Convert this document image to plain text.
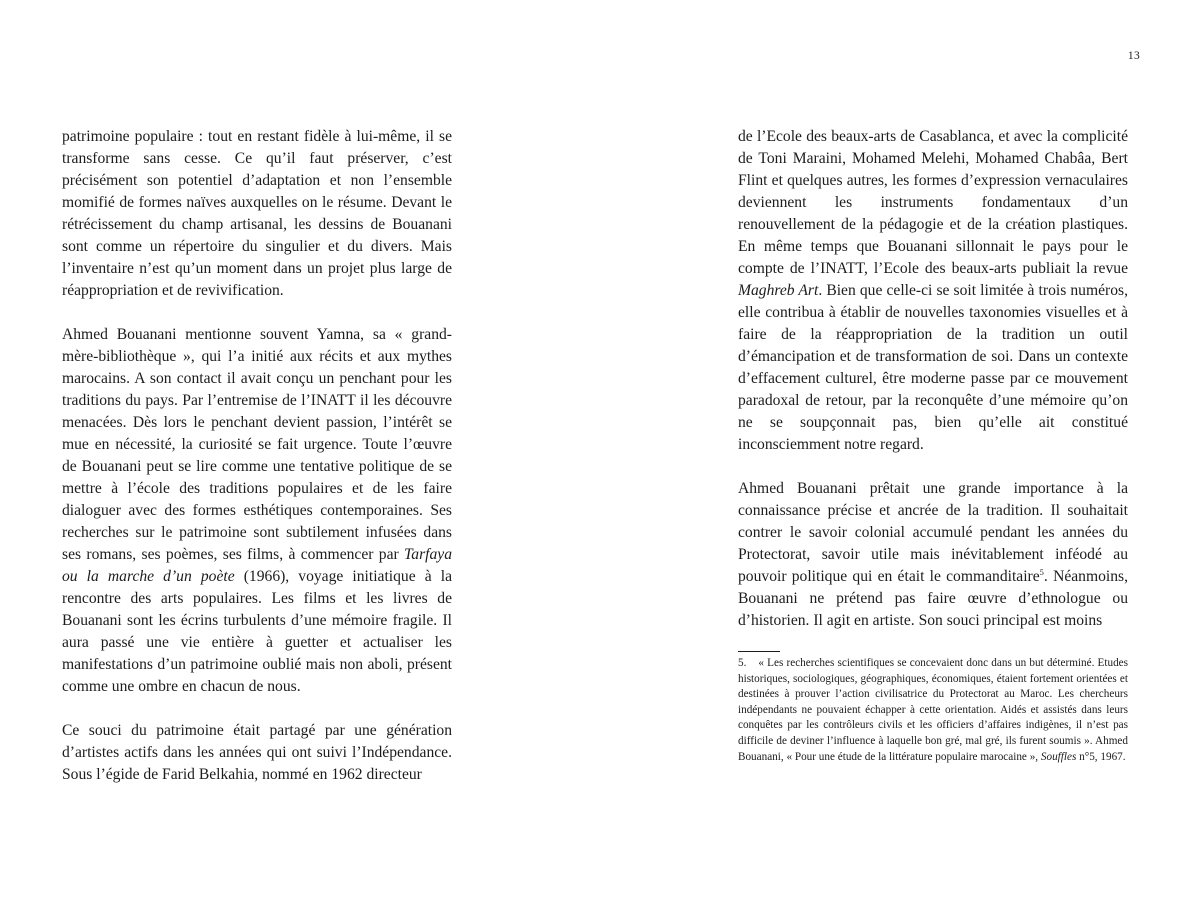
13

patrimoine populaire : tout en restant fidèle à lui-même, il se transforme sans cesse. Ce qu’il faut préserver, c’est précisément son potentiel d’adaptation et non l’ensemble momifié de formes naïves auxquelles on le résume. Devant le rétrécissement du champ artisanal, les dessins de Bouanani sont comme un répertoire du singulier et du divers. Mais l’inventaire n’est qu’un moment dans un projet plus large de réappropriation et de revivification.

Ahmed Bouanani mentionne souvent Yamna, sa « grand-mère-bibliothèque », qui l’a initié aux récits et aux mythes marocains. A son contact il avait conçu un penchant pour les traditions du pays. Par l’entremise de l’INATT il les découvre menacées. Dès lors le penchant devient passion, l’intérêt se mue en nécessité, la curiosité se fait urgence. Toute l’œuvre de Bouanani peut se lire comme une tentative politique de se mettre à l’école des traditions populaires et de les faire dialoguer avec des formes esthétiques contemporaines. Ses recherches sur le patrimoine sont subtilement infusées dans ses romans, ses poèmes, ses films, à commencer par Tarfaya ou la marche d’un poète (1966), voyage initiatique à la rencontre des arts populaires. Les films et les livres de Bouanani sont les écrins turbulents d’une mémoire fragile. Il aura passé une vie entière à guetter et actualiser les manifestations d’un patrimoine oublié mais non aboli, présent comme une ombre en chacun de nous.

Ce souci du patrimoine était partagé par une génération d’artistes actifs dans les années qui ont suivi l’Indépendance. Sous l’égide de Farid Belkahia, nommé en 1962 directeur

de l’Ecole des beaux-arts de Casablanca, et avec la complicité de Toni Maraini, Mohamed Melehi, Mohamed Chabâa, Bert Flint et quelques autres, les formes d’expression vernaculaires deviennent les instruments fondamentaux d’un renouvellement de la pédagogie et de la création plastiques. En même temps que Bouanani sillonnait le pays pour le compte de l’INATT, l’Ecole des beaux-arts publiait la revue Maghreb Art. Bien que celle-ci se soit limitée à trois numéros, elle contribua à établir de nouvelles taxonomies visuelles et à faire de la réappropriation de la tradition un outil d’émancipation et de transformation de soi. Dans un contexte d’effacement culturel, être moderne passe par ce mouvement paradoxal de retour, par la reconquête d’une mémoire qu’on ne se soupçonnait pas, bien qu’elle ait constitué inconsciemment notre regard.

Ahmed Bouanani prêtait une grande importance à la connaissance précise et ancrée de la tradition. Il souhaitait contrer le savoir colonial accumulé pendant les années du Protectorat, savoir utile mais inévitablement inféodé au pouvoir politique qui en était le commanditaire$^5$. Néanmoins, Bouanani ne prétend pas faire œuvre d’ethnologue ou d’historien. Il agit en artiste. Son souci principal est moins

5. « Les recherches scientifiques se concevaient donc dans un but déterminé. Etudes historiques, sociologiques, géographiques, économiques, étaient fortement orientées et destinées à prouver l’action civilisatrice du Protectorat au Maroc. Les chercheurs indépendants ne pouvaient échapper à cette orientation. Aidés et assistés dans leurs conquêtes par les contrôleurs civils et les officiers d’affaires indigènes, il n’est pas difficile de deviner l’influence à laquelle bon gré, mal gré, ils furent soumis ». Ahmed Bouanani, « Pour une étude de la littérature populaire marocaine », Souffles n°5, 1967.
